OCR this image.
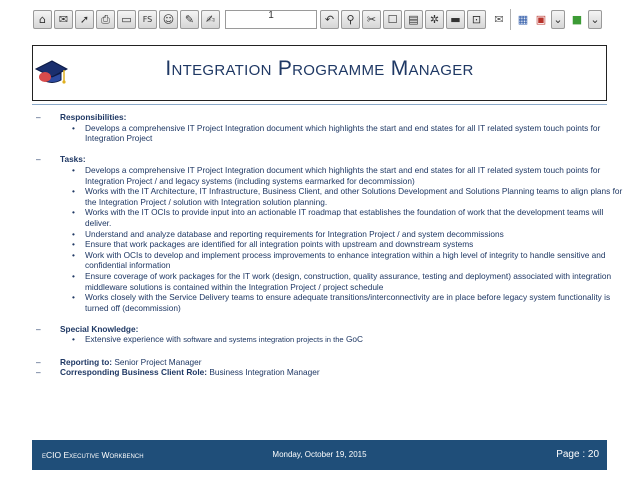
⌂	✉	➚	⎙	▭	FS ☺ ✎	✍	1	↶	⚲	✂	☐ ▤	✲	▬	⊡	✉ ▦ ▣ ⌄ ■ ⌄
Integration Programme Manager
– Responsibilities:
• Develops a comprehensive IT Project Integration document which highlights the start and end states for all IT related system touch points for Integration Project
– Tasks:
• Develops a comprehensive IT Project Integration document which highlights the start and end states for all IT related system touch points for Integration Project / and legacy systems (including systems earmarked for decommission)
• Works with the IT Architecture, IT Infrastructure, Business Client, and other Solutions Development and Solutions Planning teams to align plans for the Integration Project / solution with Integration solution planning.
• Works with the IT OCIs to provide input into an actionable IT roadmap that establishes the foundation of work that the development teams will deliver.
• Understand and analyze database and reporting requirements for Integration Project / and system decommissions
• Ensure that work packages are identified for all integration points with upstream and downstream systems
• Work with OCIs to develop and implement process improvements to enhance integration within a high level of integrity to handle sensitive and confidential information
• Ensure coverage of work packages for the IT work (design, construction, quality assurance, testing and deployment) associated with integration middleware solutions is contained within the Integration Project / project schedule
• Works closely with the Service Delivery teams to ensure adequate transitions/interconnectivity are in place before legacy system functionality is turned off (decommission)
– Special Knowledge:
• Extensive experience with software and systems integration projects in the GoC
– Reporting to: Senior Project Manager
– Corresponding Business Client Role: Business Integration Manager
eCIO Executive Workbench	Monday, October 19, 2015	Page : 20
